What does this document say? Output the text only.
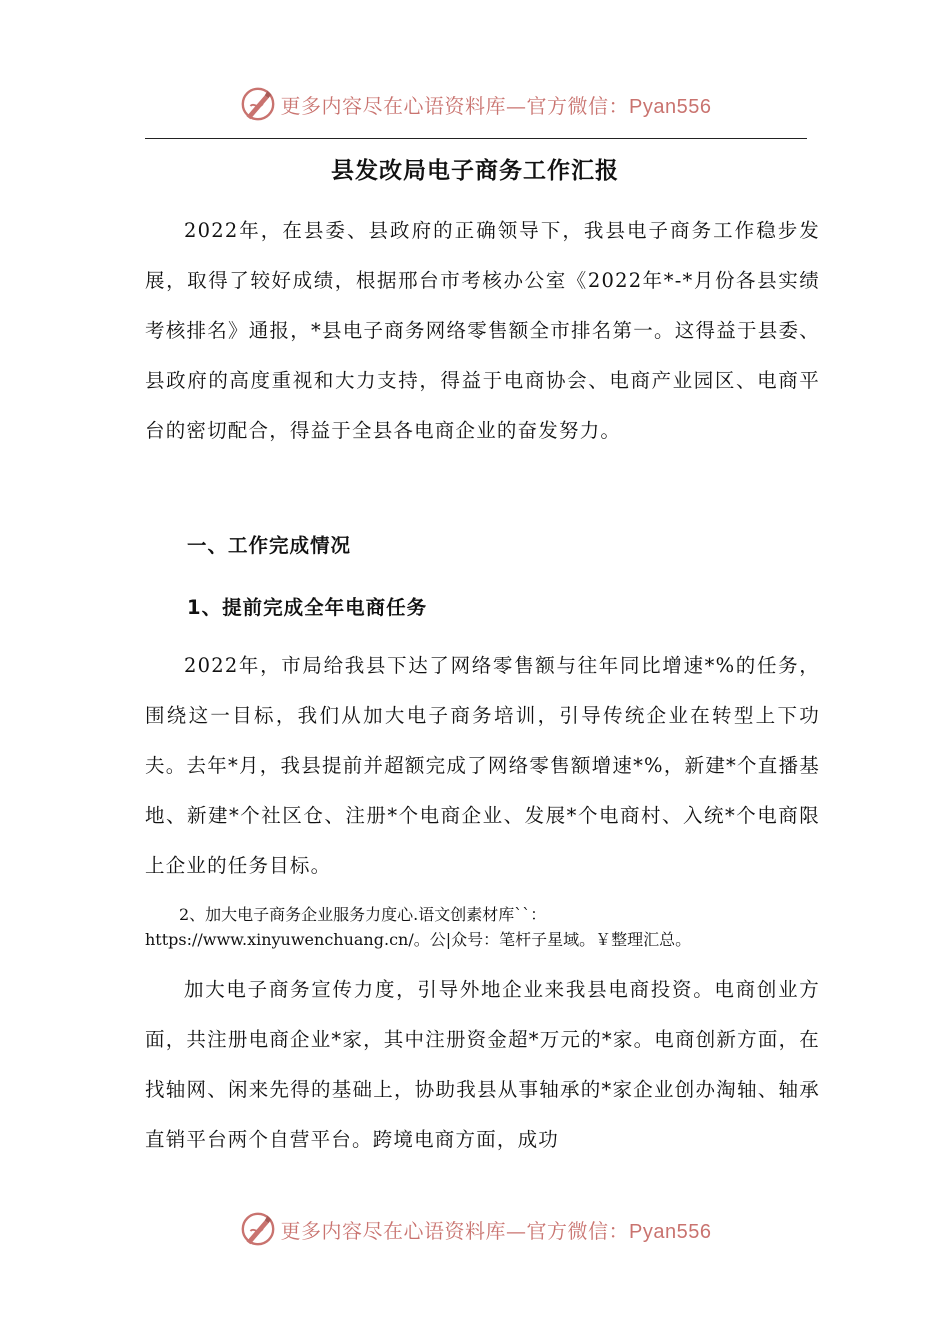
更多内容尽在心语资料库—官方微信：Pyan556
县发改局电子商务工作汇报

2022年，在县委、县政府的正确领导下，我县电子商务工作稳步发展，取得了较好成绩，根据邢台市考核办公室《2022年*-*月份各县实绩考核排名》通报，*县电子商务网络零售额全市排名第一。这得益于县委、县政府的高度重视和大力支持，得益于电商协会、电商产业园区、电商平台的密切配合，得益于全县各电商企业的奋发努力。

一、工作完成情况

1、提前完成全年电商任务

2022年，市局给我县下达了网络零售额与往年同比增速*%的任务，围绕这一目标，我们从加大电子商务培训，引导传统企业在转型上下功夫。去年*月，我县提前并超额完成了网络零售额增速*%，新建*个直播基地、新建*个社区仓、注册*个电商企业、发展*个电商村、入统*个电商限上企业的任务目标。

2、加大电子商务企业服务力度心.语文创素材库``：https://www.xinyuwenchuang.cn/。公|众号：笔杆子星域。￥整理汇总。

加大电子商务宣传力度，引导外地企业来我县电商投资。电商创业方面，共注册电商企业*家，其中注册资金超*万元的*家。电商创新方面，在找轴网、闲来先得的基础上，协助我县从事轴承的*家企业创办淘轴、轴承直销平台两个自营平台。跨境电商方面，成功

更多内容尽在心语资料库—官方微信：Pyan556
